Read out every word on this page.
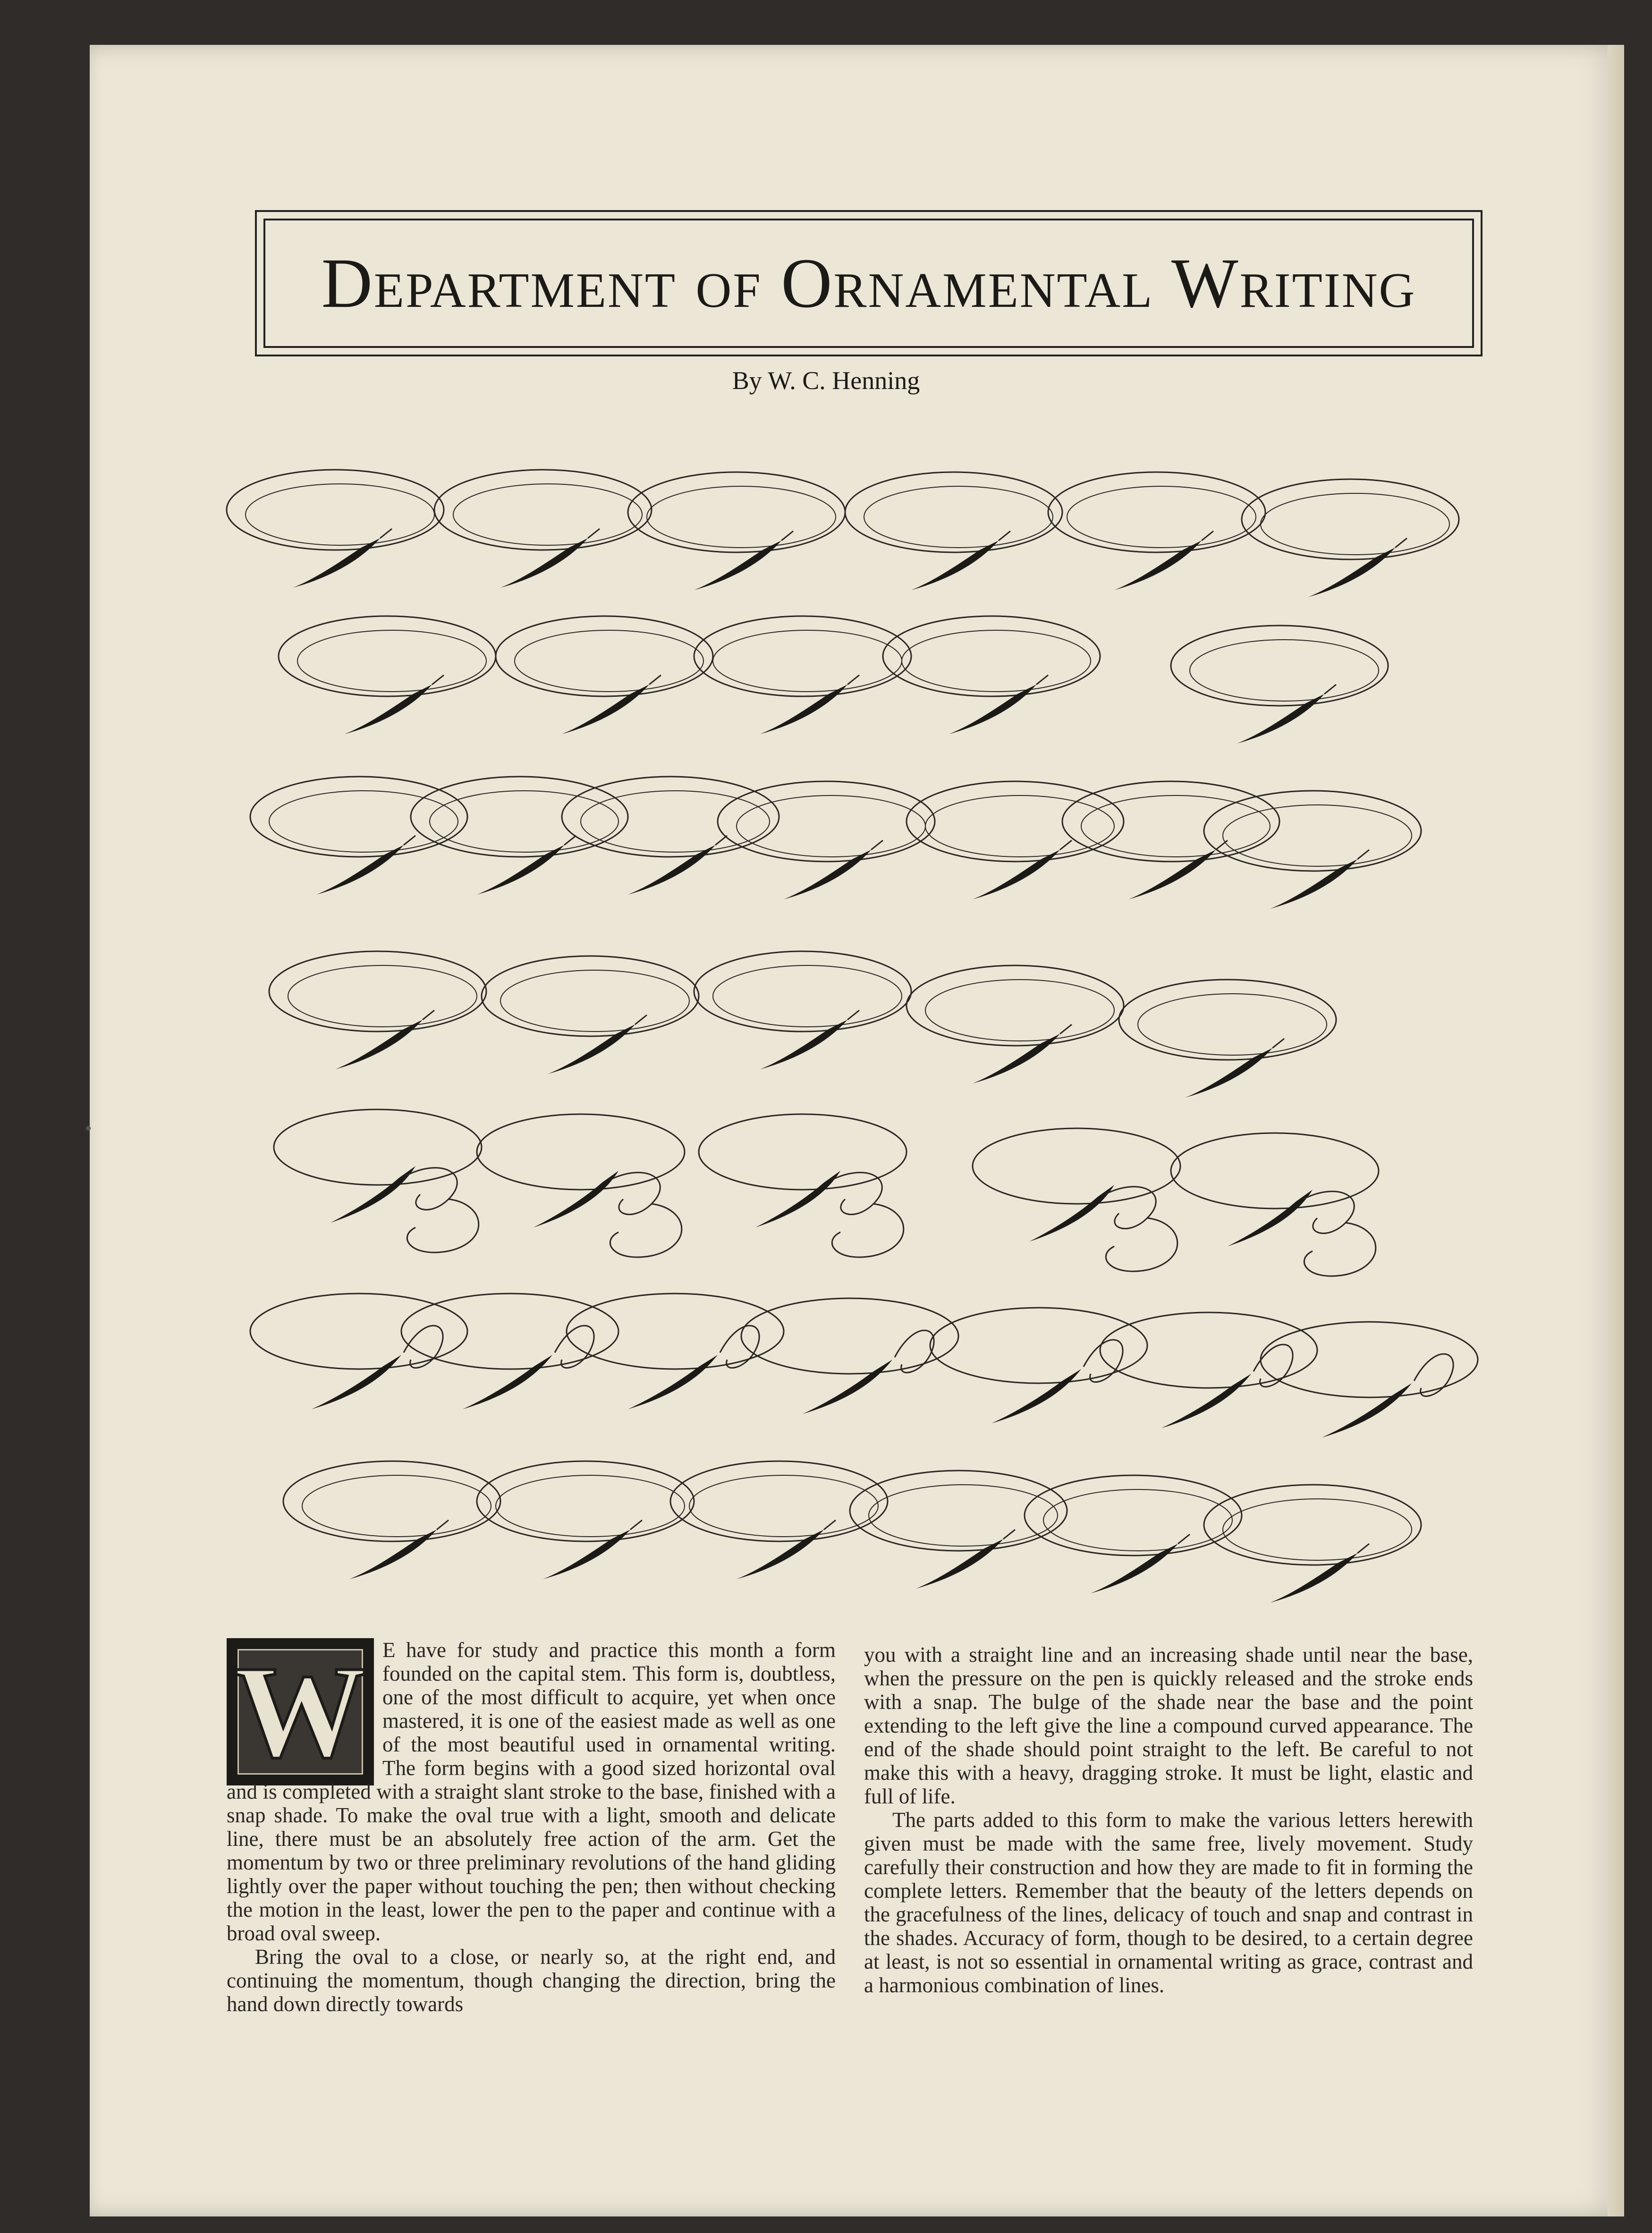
Department of Ornamental Writing
By W. C. Henning
W E have for study and practice this month a form founded on the capital stem. This form is, doubtless, one of the most difficult to acquire, yet when once mastered, it is one of the easiest made as well as one of the most beautiful used in ornamental writing. The form begins with a good sized horizontal oval and is completed with a straight slant stroke to the base, finished with a snap shade. To make the oval true with a light, smooth and delicate line, there must be an absolutely free action of the arm. Get the momentum by two or three preliminary revolutions of the hand gliding lightly over the paper without touching the pen; then without checking the motion in the least, lower the pen to the paper and continue with a broad oval sweep.

Bring the oval to a close, or nearly so, at the right end, and continuing the momentum, though changing the direction, bring the hand down directly towards

you with a straight line and an increasing shade until near the base, when the pressure on the pen is quickly released and the stroke ends with a snap. The bulge of the shade near the base and the point extending to the left give the line a compound curved appearance. The end of the shade should point straight to the left. Be careful to not make this with a heavy, dragging stroke. It must be light, elastic and full of life.

The parts added to this form to make the various letters herewith given must be made with the same free, lively movement. Study carefully their construction and how they are made to fit in forming the complete letters. Remember that the beauty of the letters depends on the gracefulness of the lines, delicacy of touch and snap and contrast in the shades. Accuracy of form, though to be desired, to a certain degree at least, is not so essential in ornamental writing as grace, contrast and a harmonious combination of lines.
